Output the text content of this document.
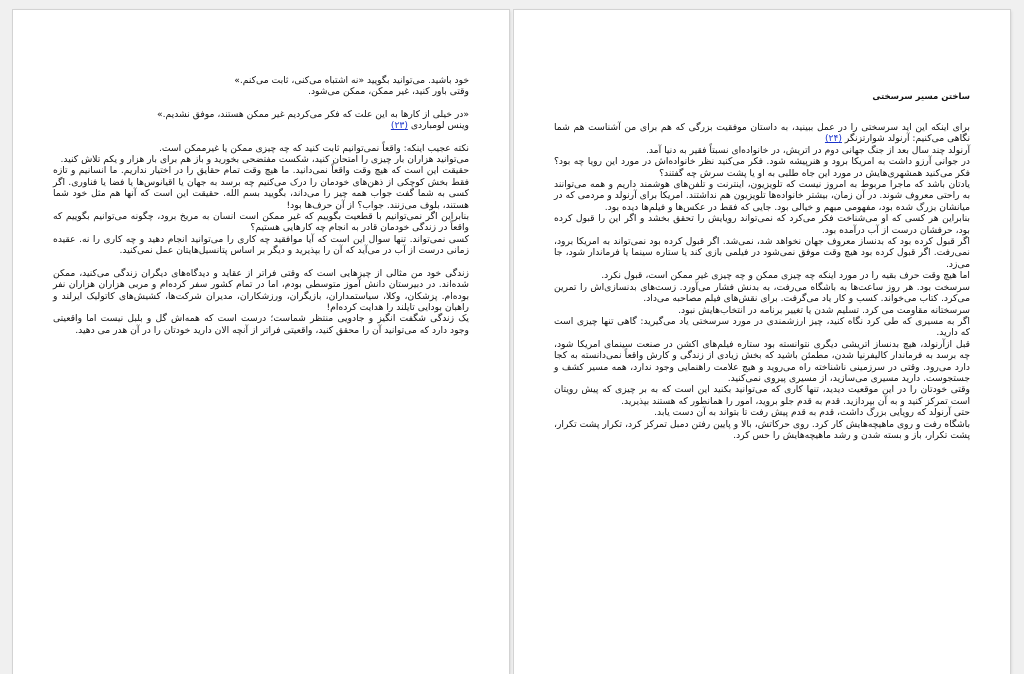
خود باشید. می‌توانید بگویید «نه اشتباه می‌کنی، ثابت می‌کنم.»

وقتی باور کنید، غیر ممکن، ممکن می‌شود.

«در خیلی از کارها به این علت که فکر می‌کردیم غیر ممکن هستند، موفق نشدیم.»

وینس لومباردی (۲۳)

نکته عجیب اینکه: واقعاً نمی‌توانیم ثابت کنید که چه چیزی ممکن یا غیرممکن است.

می‌توانید هزاران بار چیزی را امتحان کنید، شکست مفتضحی بخورید و باز هم برای بار هزار و یکم تلاش کنید.

حقیقت این است که هیچ وقت واقعاً نمی‌دانید. ما هیچ وقت تمام حقایق را در اختیار نداریم. ما انسانیم و تازه فقط بخش کوچکی از ذهن‌های خودمان را درک می‌کنیم چه برسد به جهان یا اقیانوس‌ها یا فضا یا فناوری. اگر کسی به شما گفت جواب همه چیز را می‌داند، بگویید بسم الله. حقیقت این است که آنها هم مثل خود شما هستند، بلوف می‌زنند. جواب؟ از آن حرف‌ها بود!

بنابراین اگر نمی‌توانیم با قطعیت بگوییم که غیر ممکن است انسان به مریخ برود، چگونه می‌توانیم بگوییم که واقعاً در زندگی خودمان قادر به انجام چه کارهایی هستیم؟

کسی نمی‌تواند. تنها سوال این است که آیا موافقید چه کاری را می‌توانید انجام دهید و چه کاری را نه. عقیده زمانی درست از آب در می‌آید که آن را بپذیرید و دیگر بر اساس پتانسیل‌هایتان عمل نمی‌کنید.

زندگی خود من مثالی از چیزهایی است که وقتی فراتر از عقاید و دیدگاه‌های دیگران زندگی می‌کنید، ممکن شده‌اند. در دبیرستان دانش آموز متوسطی بودم، اما در تمام کشور سفر کرده‌ام و مربی هزاران هزاران نفر بوده‌ام. پزشکان، وکلا، سیاستمداران، بازیگران، ورزشکاران، مدیران شرکت‌ها، کشیش‌های کاتولیک ایرلند و راهبان بودایی تایلند را هدایت کرده‌ام!

یک زندگی شگفت انگیز و جادویی منتظر شماست؛ درست است که همه‌اش گل و بلبل نیست اما واقعیتی وجود دارد که می‌توانید آن را محقق کنید، واقعیتی فراتر از آنچه الان دارید خودتان را در آن هدر می دهید.

ساختن مسیر سرسختی

برای اینکه این اید سرسختی را در عمل ببینید، به داستان موفقیت بزرگی که هم برای من آشناست هم شما نگاهی می‌کنیم: آرنولد شوارتزنگر (۲۴)

آرنولد چند سال بعد از جنگ جهانی دوم در اتریش، در خانواده‌ای نسبتاً فقیر به دنیا آمد.

در جوانی آرزو داشت به امریکا برود و هنرپیشه شود. فکر می‌کنید نظر خانواده‌اش در مورد این رویا چه بود؟ فکر می‌کنید همشهری‌هایش در مورد این جاه طلبی به او یا پشت سرش چه گفتند؟

یادتان باشد که ماجرا مربوط به امروز نیست که تلویزیون، اینترنت و تلفن‌های هوشمند داریم و همه می‌توانند به راحتی معروف شوند. در آن زمان، بیشتر خانواده‌ها تلویزیون هم نداشتند. امریکا برای آرنولد و مردمی که در میانشان بزرگ شده بود، مفهومی مبهم و خیالی بود. جایی که فقط در عکس‌ها و فیلم‌ها دیده بود.

بنابراین هر کسی که او می‌شناخت فکر می‌کرد که نمی‌تواند رویایش را تحقق بخشد و اگر این را قبول کرده بود، حرفشان درست از آب درآمده بود.

اگر قبول کرده بود که بدنساز معروف جهان نخواهد شد، نمی‌شد. اگر قبول کرده بود نمی‌تواند به امریکا برود، نمی‌رفت. اگر قبول کرده بود هیچ وقت موفق نمی‌شود در فیلمی بازی کند یا ستاره سینما یا فرماندار شود، جا می‌زد.

اما هیچ وقت حرف بقیه را در مورد اینکه چه چیزی ممکن و چه چیزی غیر ممکن است، قبول نکرد.

سرسخت بود. هر روز ساعت‌ها به باشگاه می‌رفت، به بدنش فشار می‌آورد. زست‌های بدنسازی‌اش را تمرین می‌کرد. کتاب می‌خواند. کسب و کار یاد می‌گرفت. برای نقش‌های فیلم مصاحبه می‌داد.

سرسختانه مقاومت می کرد. تسلیم شدن یا تغییر برنامه در انتخاب‌هایش نبود.

اگر به مسیری که طی کرد نگاه کنید، چیز ارزشمندی در مورد سرسختی یاد می‌گیرید: گاهی تنها چیزی است که دارید.

قبل ازآرنولد، هیچ بدنساز اتریشی دیگری نتوانسته بود ستاره فیلم‌های اکشن در صنعت سینمای امریکا شود، چه برسد به فرماندار کالیفرنیا شدن، مطمئن باشید که بخش زیادی از زندگی و کارش واقعاً نمی‌دانسته به کجا دارد می‌رود. وقتی در سرزمینی ناشناخته راه می‌روید و هیچ علامت راهنمایی وجود ندارد، همه مسیر کشف و جستجوست. دارید مسیری می‌سازید، از مسیری پیروی نمی‌کنید.

وقتی خودتان را در این موقعیت دیدید، تنها کاری که می‌توانید بکنید این است که به بر چیزی که پیش رویتان است تمرکز کنید و به آن بپردازید. قدم به قدم جلو بروید، امور را همانطور که هستند بپذیرید.

حتی آرنولد که رویایی بزرگ داشت، قدم به قدم پیش رفت تا بتواند به آن دست یابد.

باشگاه رفت و روی ماهیچه‌هایش کار کرد. روی حرکاتش، بالا و پایین رفتن دمبل تمرکز کرد، تکرار پشت تکرار، پشت تکرار، باز و بسته شدن و رشد ماهیچه‌هایش را حس کرد.
